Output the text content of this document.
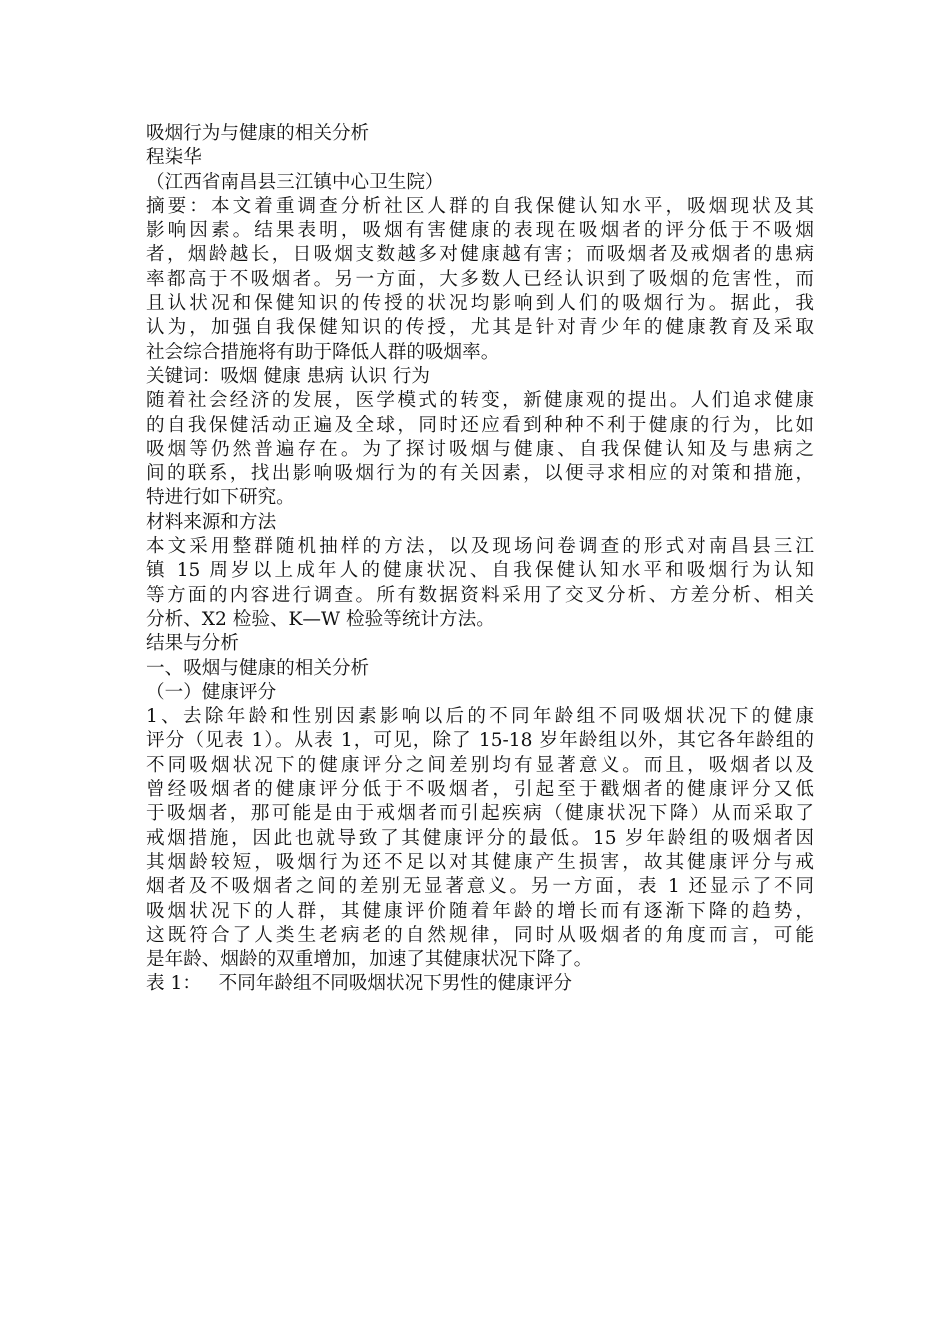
吸烟行为与健康的相关分析
程柒华
（江西省南昌县三江镇中心卫生院）
摘要：本文着重调查分析社区人群的自我保健认知水平，吸烟现状及其
影响因素。结果表明，吸烟有害健康的表现在吸烟者的评分低于不吸烟
者，烟龄越长，日吸烟支数越多对健康越有害；而吸烟者及戒烟者的患病
率都高于不吸烟者。另一方面，大多数人已经认识到了吸烟的危害性，而
且认状况和保健知识的传授的状况均影响到人们的吸烟行为。据此，我
认为，加强自我保健知识的传授，尤其是针对青少年的健康教育及采取
社会综合措施将有助于降低人群的吸烟率。
关键词：吸烟 健康 患病 认识 行为
随着社会经济的发展，医学模式的转变，新健康观的提出。人们追求健康
的自我保健活动正遍及全球，同时还应看到种种不利于健康的行为，比如
吸烟等仍然普遍存在。为了探讨吸烟与健康、自我保健认知及与患病之
间的联系，找出影响吸烟行为的有关因素，以便寻求相应的对策和措施，
特进行如下研究。
材料来源和方法
本文采用整群随机抽样的方法，以及现场问卷调查的形式对南昌县三江
镇 15 周岁以上成年人的健康状况、自我保健认知水平和吸烟行为认知
等方面的内容进行调查。所有数据资料采用了交叉分析、方差分析、相关
分析、X2 检验、K—W 检验等统计方法。
结果与分析
一、吸烟与健康的相关分析
（一）健康评分
1、去除年龄和性别因素影响以后的不同年龄组不同吸烟状况下的健康
评分（见表 1）。从表 1，可见，除了 15-18 岁年龄组以外，其它各年龄组的
不同吸烟状况下的健康评分之间差别均有显著意义。而且，吸烟者以及
曾经吸烟者的健康评分低于不吸烟者，引起至于戳烟者的健康评分又低
于吸烟者，那可能是由于戒烟者而引起疾病（健康状况下降）从而采取了
戒烟措施，因此也就导致了其健康评分的最低。15 岁年龄组的吸烟者因
其烟龄较短，吸烟行为还不足以对其健康产生损害，故其健康评分与戒
烟者及不吸烟者之间的差别无显著意义。另一方面，表 1 还显示了不同
吸烟状况下的人群，其健康评价随着年龄的增长而有逐渐下降的趋势，
这既符合了人类生老病老的自然规律，同时从吸烟者的角度而言，可能
是年龄、烟龄的双重增加，加速了其健康状况下降了。
表 1：   不同年龄组不同吸烟状况下男性的健康评分
